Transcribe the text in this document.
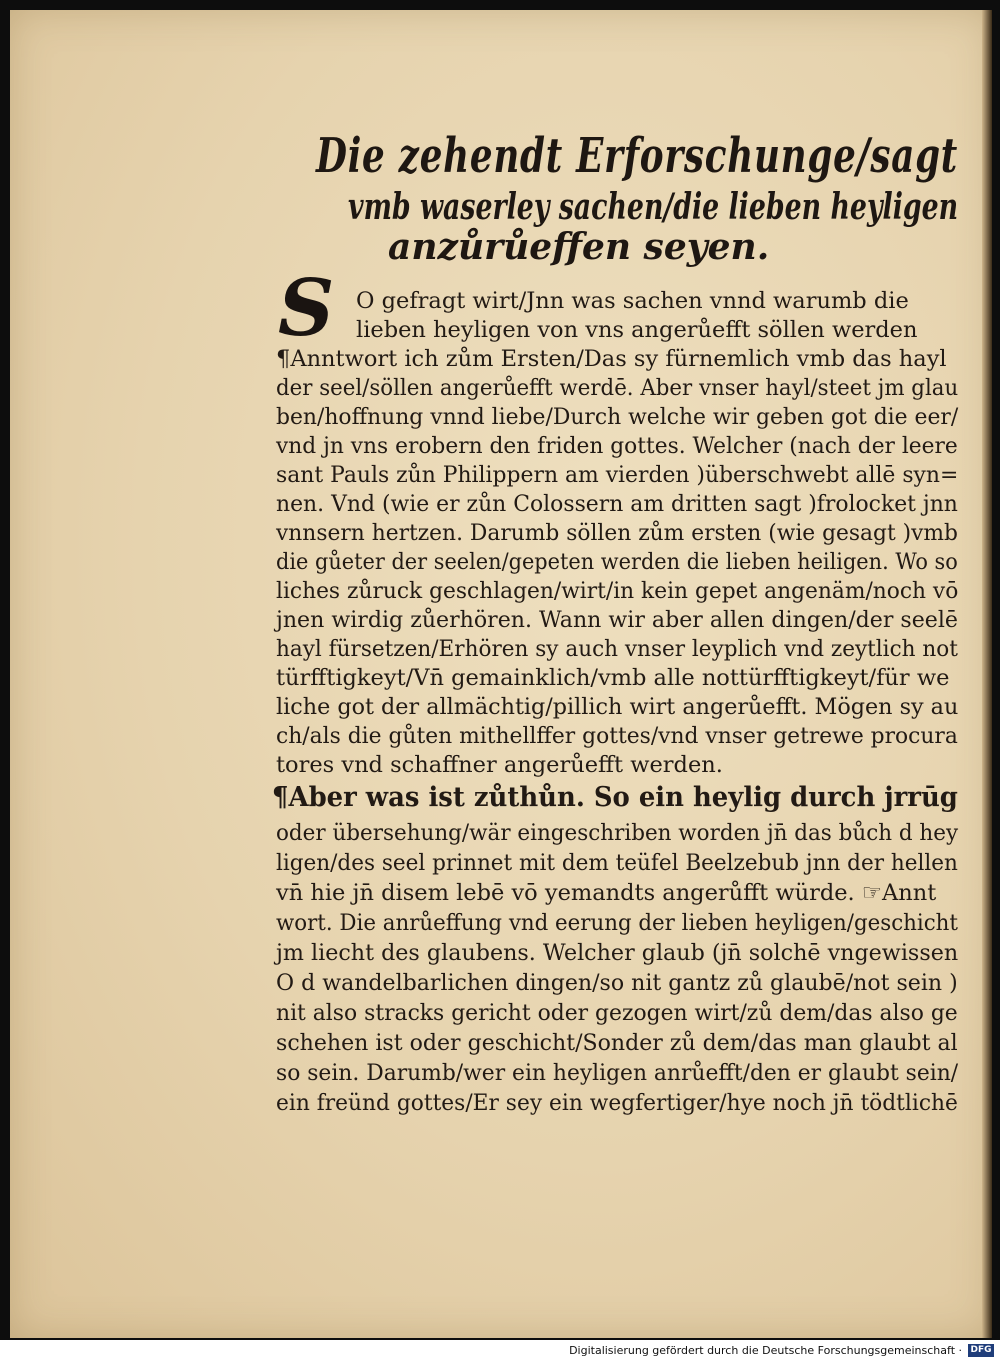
Die zehendt Erforschunge/sagt
vmb waserley sachen/die lieben heyligen
anzůrůeffen seyen.
S O gefragt wirt/Jnn was sachen vnnd warumb die
lieben heyligen von vns angerůefft söllen werden
¶Anntwort ich zům Ersten/Das sy fürnemlich vmb das hayl
der seel/söllen angerůefft werdē. Aber vnser hayl/steet jm glau
ben/hoffnung vnnd liebe/Durch welche wir geben got die eer/
vnd jn vns erobern den friden gottes. Welcher (nach der leere
sant Pauls zůn Philippern am vierden )überschwebt allē syn=
nen. Vnd (wie er zůn Colossern am dritten sagt )frolocket jnn
vnnsern hertzen. Darumb söllen zům ersten (wie gesagt )vmb
die gůeter der seelen/gepeten werden die lieben heiligen. Wo so
liches zůruck geschlagen/wirt/in kein gepet angenäm/noch vō
jnen wirdig zůerhören. Wann wir aber allen dingen/der seelē
hayl fürsetzen/Erhören sy auch vnser leyplich vnd zeytlich not
türfftigkeyt/Vn̄ gemainklich/vmb alle nottürfftigkeyt/für we
liche got der allmächtig/pillich wirt angerůefft. Mögen sy au
ch/als die gůten mithellffer gottes/vnd vnser getrewe procura
tores vnd schaffner angerůefft werden.
¶Aber was ist zůthůn. So ein heylig durch jrrūg
oder übersehung/wär eingeschriben worden jn̄ das bůch d hey
ligen/des seel prinnet mit dem teüfel Beelzebub jnn der hellen
vn̄ hie jn̄ disem lebē vō yemandts angerůfft würde. ☞Annt
wort. Die anrůeffung vnd eerung der lieben heyligen/geschicht
jm liecht des glaubens. Welcher glaub (jn̄ solchē vngewissen
O d wandelbarlichen dingen/so nit gantz zů glaubē/not sein )
nit also stracks gericht oder gezogen wirt/zů dem/das also ge
schehen ist oder geschicht/Sonder zů dem/das man glaubt al
so sein. Darumb/wer ein heyligen anrůefft/den er glaubt sein/
ein freünd gottes/Er sey ein wegfertiger/hye noch jn̄ tödtlichē
Digitalisierung gefördert durch die Deutsche Forschungsgemeinschaft · DFG
